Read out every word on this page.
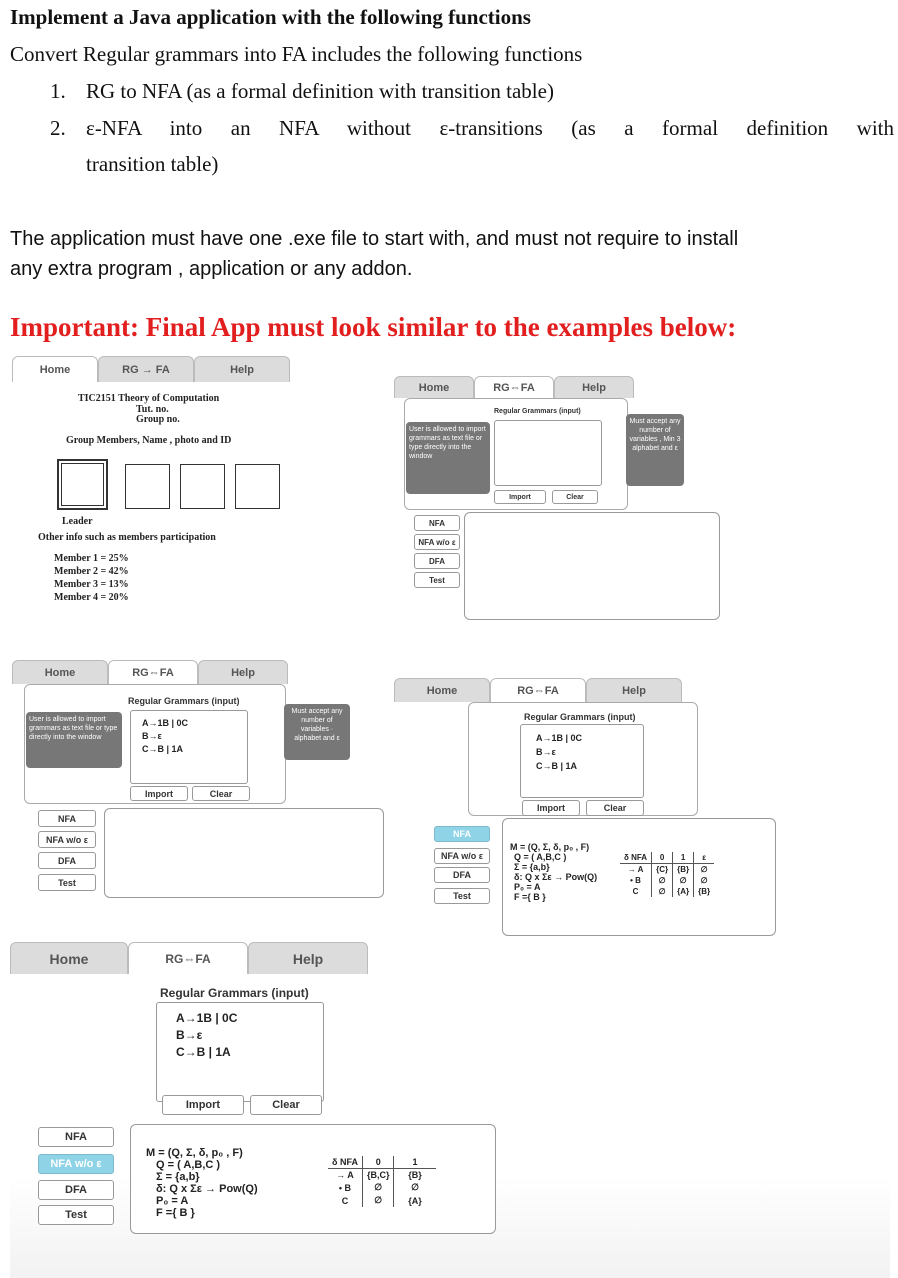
Implement a Java application with the following functions
Convert Regular grammars into FA includes the following functions
1. RG to NFA (as a formal definition with transition table)
2. ε-NFA into an NFA without ε-transitions (as a formal definition with
transition table)
The application must have one .exe file to start with, and must not require to install
any extra program , application or any addon.
Important: Final App must look similar to the examples below:
Home	RG → FA	Help
TIC2151 Theory of Computation
Tut. no.
Group no.
Group Members, Name , photo and ID
Leader
Other info such as members participation
Member 1 = 25%
Member 2 = 42%
Member 3 = 13%
Member 4 = 20%
Home	RG⇔FA	Help
Regular Grammars (input)
User is allowed to import grammars as text file or type directly into the window
Must accept any number of variables , Min 3 alphabet and ε
Import	Clear
NFA
NFA w/o ε
DFA
Test
Home	RG⇔FA	Help
Regular Grammars (input)
User is allowed to import grammars as text file or type directly into the window
A→1B | 0C
B→ε
C→B | 1A
Must accept any number of variables · alphabet and ε
Import	Clear
NFA
NFA w/o ε
DFA
Test
Home	RG⇔FA	Help
Regular Grammars (input)
A→1B | 0C
B→ε
C→B | 1A
Import	Clear
NFA
NFA w/o ε
DFA
Test
M = (Q, Σ, δ, p₀ , F)
Q = ( A,B,C )
Σ = {a,b}
δ: Q x Σε → Pow(Q)
P₀ = A
F ={ B }
δ NFA	0	1	ε
→ A	{C}	{B}	∅
• B	∅	∅	∅
C	∅	{A}	{B}
Home	RG⇔FA	Help
Regular Grammars (input)
A→1B | 0C
B→ε
C→B | 1A
Import	Clear
NFA
NFA w/o ε
DFA
Test
M = (Q, Σ, δ, p₀ , F)
Q = ( A,B,C )
Σ = {a,b}
δ: Q x Σε → Pow(Q)
P₀ = A
F ={ B }
δ NFA	0	1
→ A	{B,C}	{B}
• B	∅	∅
C	∅	{A}
